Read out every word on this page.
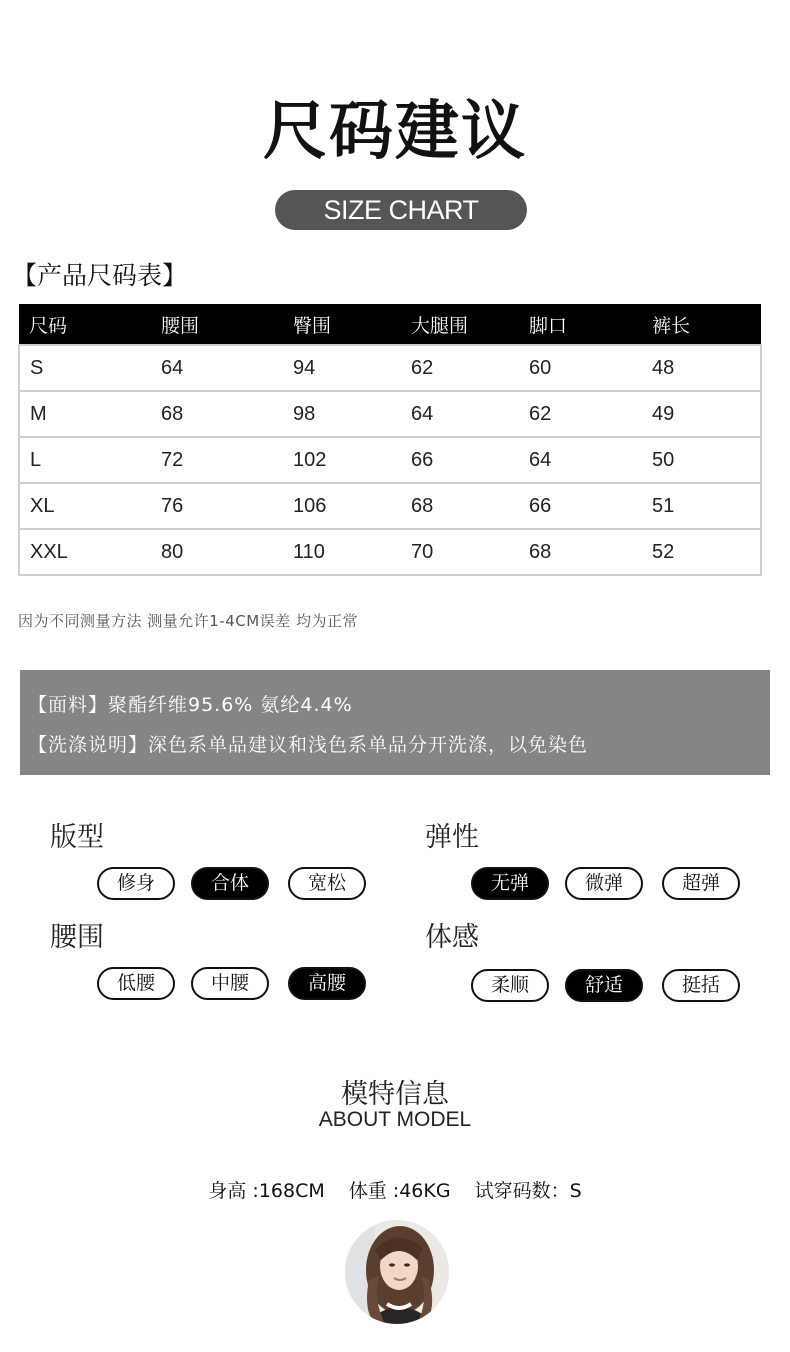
尺码建议
SIZE CHART
【产品尺码表】
尺码	腰围	臀围	大腿围	脚口	裤长
S	64	94	62	60	48
M	68	98	64	62	49
L	72	102	66	64	50
XL	76	106	68	66	51
XXL	80	110	70	68	52
因为不同测量方法 测量允许1-4CM误差 均为正常
【面料】聚酯纤维95.6% 氨纶4.4%
【洗涤说明】深色系单品建议和浅色系单品分开洗涤，以免染色
版型
修身	合体	宽松
弹性
无弹	微弹	超弹
腰围
低腰	中腰	高腰
体感
柔顺	舒适	挺括
模特信息
ABOUT MODEL
身高 :168CM 体重 :46KG 试穿码数：S
